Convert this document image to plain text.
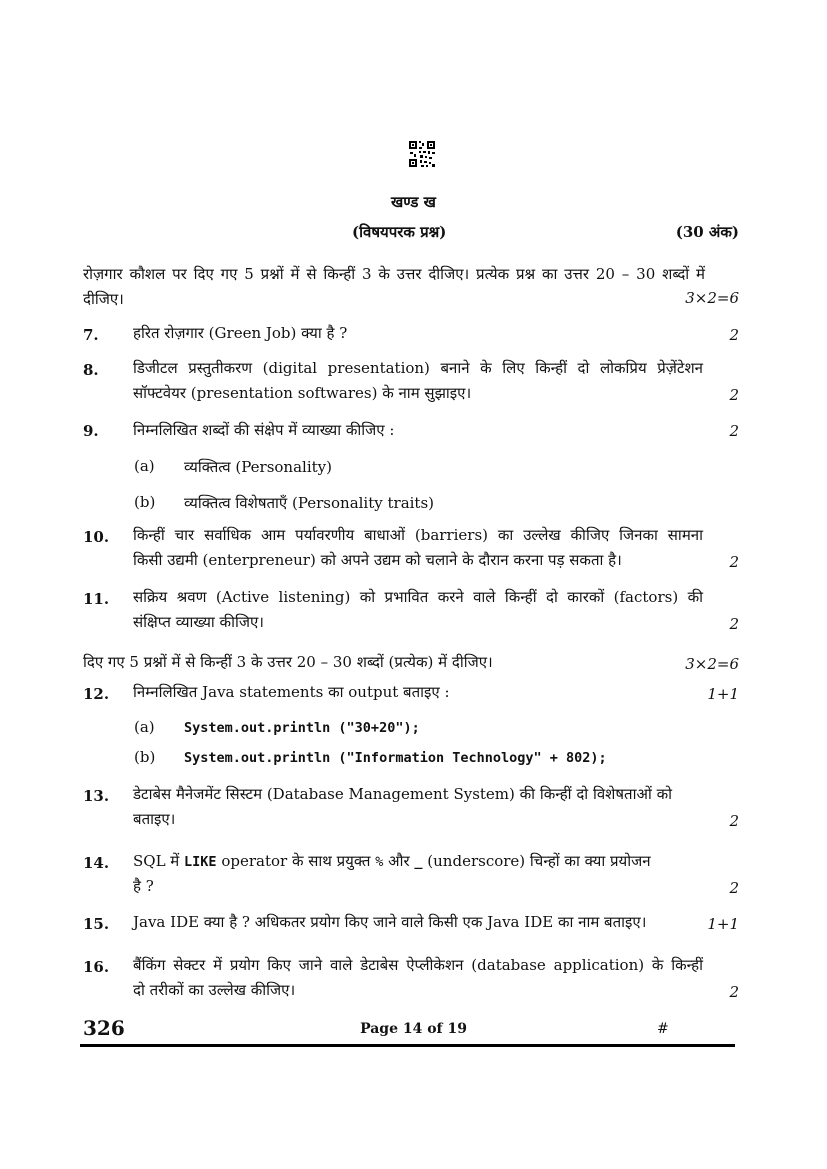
खण्ड ख
(विषयपरक प्रश्न)	(30 अंक)
रोज़गार कौशल पर दिए गए 5 प्रश्नों में से किन्हीं 3 के उत्तर दीजिए। प्रत्येक प्रश्न का उत्तर 20 – 30 शब्दों में
दीजिए।	3×2=6
7. हरित रोज़गार (Green Job) क्या है ?	2
8. डिजीटल प्रस्तुतीकरण (digital presentation) बनाने के लिए किन्हीं दो लोकप्रिय प्रेज़ेंटेशन
सॉफ्टवेयर (presentation softwares) के नाम सुझाइए।	2
9. निम्नलिखित शब्दों की संक्षेप में व्याख्या कीजिए :	2
(a) व्यक्तित्व (Personality)
(b) व्यक्तित्व विशेषताएँ (Personality traits)
10. किन्हीं चार सर्वाधिक आम पर्यावरणीय बाधाओं (barriers) का उल्लेख कीजिए जिनका सामना
किसी उद्यमी (enterpreneur) को अपने उद्यम को चलाने के दौरान करना पड़ सकता है।	2
11. सक्रिय श्रवण (Active listening) को प्रभावित करने वाले किन्हीं दो कारकों (factors) की
संक्षिप्त व्याख्या कीजिए।	2
दिए गए 5 प्रश्नों में से किन्हीं 3 के उत्तर 20 – 30 शब्दों (प्रत्येक) में दीजिए।	3×2=6
12. निम्नलिखित Java statements का output बताइए :	1+1
(a) System.out.println ("30+20");
(b) System.out.println ("Information Technology" + 802);
13. डेटाबेस मैनेजमेंट सिस्टम (Database Management System) की किन्हीं दो विशेषताओं को
बताइए।	2
14. SQL में LIKE operator के साथ प्रयुक्त % और _ (underscore) चिन्हों का क्या प्रयोजन
है ?	2
15. Java IDE क्या है ? अधिकतर प्रयोग किए जाने वाले किसी एक Java IDE का नाम बताइए।	1+1
16. बैंकिंग सेक्टर में प्रयोग किए जाने वाले डेटाबेस ऐप्लीकेशन (database application) के किन्हीं
दो तरीकों का उल्लेख कीजिए।	2
326	Page 14 of 19	#
